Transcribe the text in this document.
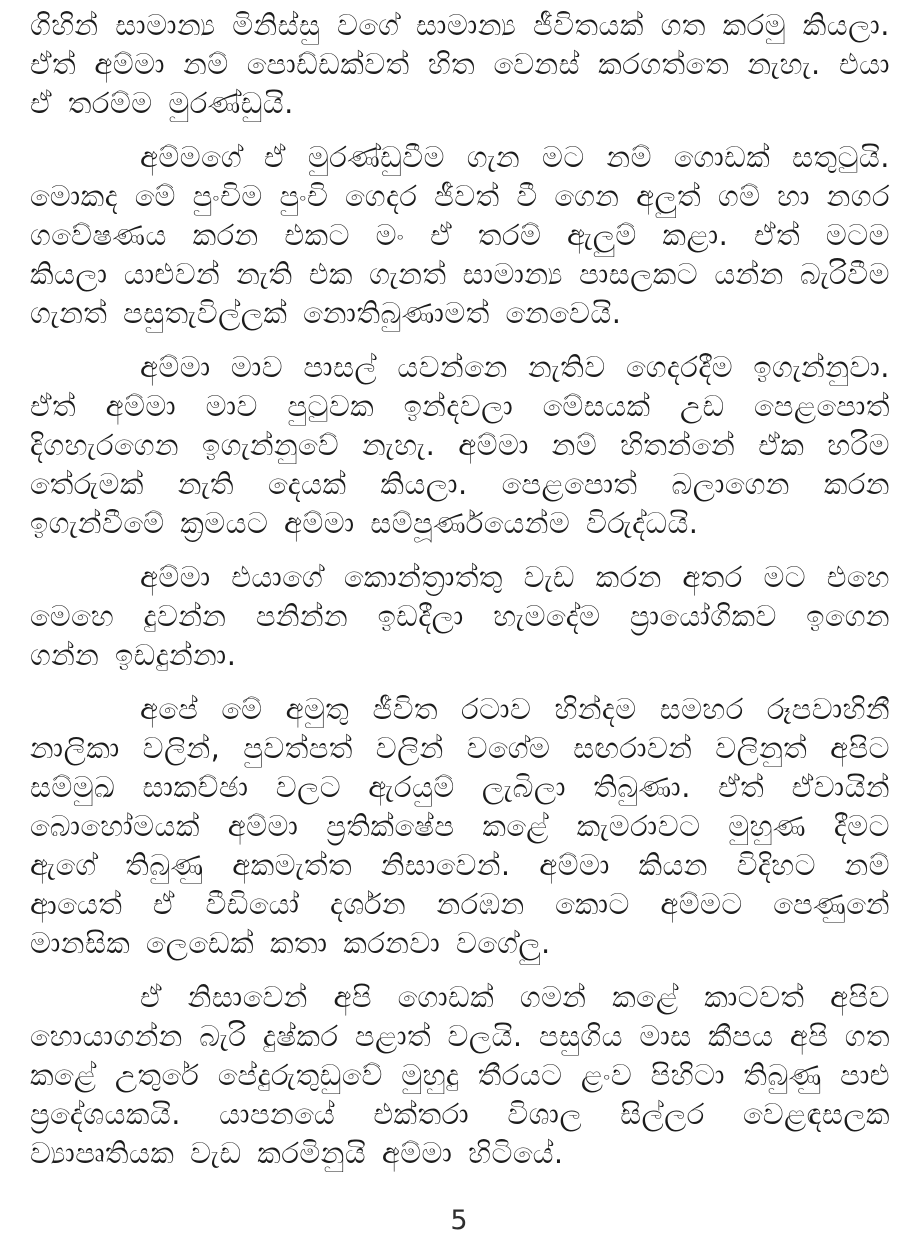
ගිහින් සාමාන්‍ය මිනිස්සු වගේ සාමාන්‍ය ජීවිතයක් ගත කරමු කියලා. ඒත් අම්මා නම් පොඩ්ඩක්වත් හිත වෙනස් කරගත්තෙ නැහැ. එයා ඒ තරම්ම මුරණ්ඩුයි.

අම්මගේ ඒ මුරණ්ඩුවීම ගැන මට නම් ගොඩක් සතුටුයි. මොකද මේ පුංචිම පුංචි ගෙදර ජීවත් වී ගෙන අලුත් ගම් හා නගර ගවේෂණය කරන එකට මං ඒ තරම් ඇලුම් කළා. ඒත් මටම කියලා යාළුවන් නැති එක ගැනත් සාමාන්‍ය පාසලකට යන්න බැරිවීම ගැනත් පසුතැවිල්ලක් නොතිබුණාමත් නෙවෙයි.

අම්මා මාව පාසල් යවන්නෙ නැතිව ගෙදරදීම ඉගැන්නුවා. ඒත් අම්මා මාව පුටුවක ඉන්දවලා මේසයක් උඩ පෙළපොත් දිගහැරගෙන ඉගැන්නුවේ නැහැ. අම්මා නම් හිතන්නේ ඒක හරිම තේරුමක් නැති දෙයක් කියලා. පෙළපොත් බලාගෙන කරන ඉගැන්වීමේ ක්‍රමයට අම්මා සම්පූර්ණයෙන්ම විරුද්ධයි.

අම්මා එයාගේ කොන්ත්‍රාත්තු වැඩ කරන අතර මට එහෙ මෙහෙ දුවන්න පනින්න ඉඩදීලා හැමදේම ප්‍රායෝගිකව ඉගෙන ගන්න ඉඩදුන්නා.

අපේ මේ අමුතු ජීවිත රටාව හින්දම සමහර රූපවාහිනී නාලිකා වලින්, පුවත්පත් වලින් වගේම සඟරාවන් වලිනුත් අපිට සම්මුඛ සාකච්ඡා වලට ඇරයුම් ලැබිලා තිබුණා. ඒත් ඒවායින් බොහෝමයක් අම්මා ප්‍රතික්ෂේප කළේ කැමරාවට මුහුණ දීමට ඇගේ තිබුණු අකමැත්ත නිසාවෙන්. අම්මා කියන විදිහට නම් ආයෙත් ඒ වීඩියෝ දර්ශන නරඹන කොට අම්මට පෙණුනේ මානසික ලෙඩෙක් කතා කරනවා වගේලු.

ඒ නිසාවෙන් අපි ගොඩක් ගමන් කළේ කාටවත් අපිව හොයාගන්න බැරි දුෂ්කර පළාත් වලයි. පසුගිය මාස කීපය අපි ගත කළේ උතුරේ පේදුරුතුඩුවේ මුහුදු තීරයට ළංව පිහිටා තිබුණු පාළු ප්‍රදේශයකයි. යාපනයේ එක්තරා විශාල සිල්ලර වෙළඳසලක ව්‍යාපෘතියක වැඩ කරමිනුයි අම්මා හිටියේ.

5
